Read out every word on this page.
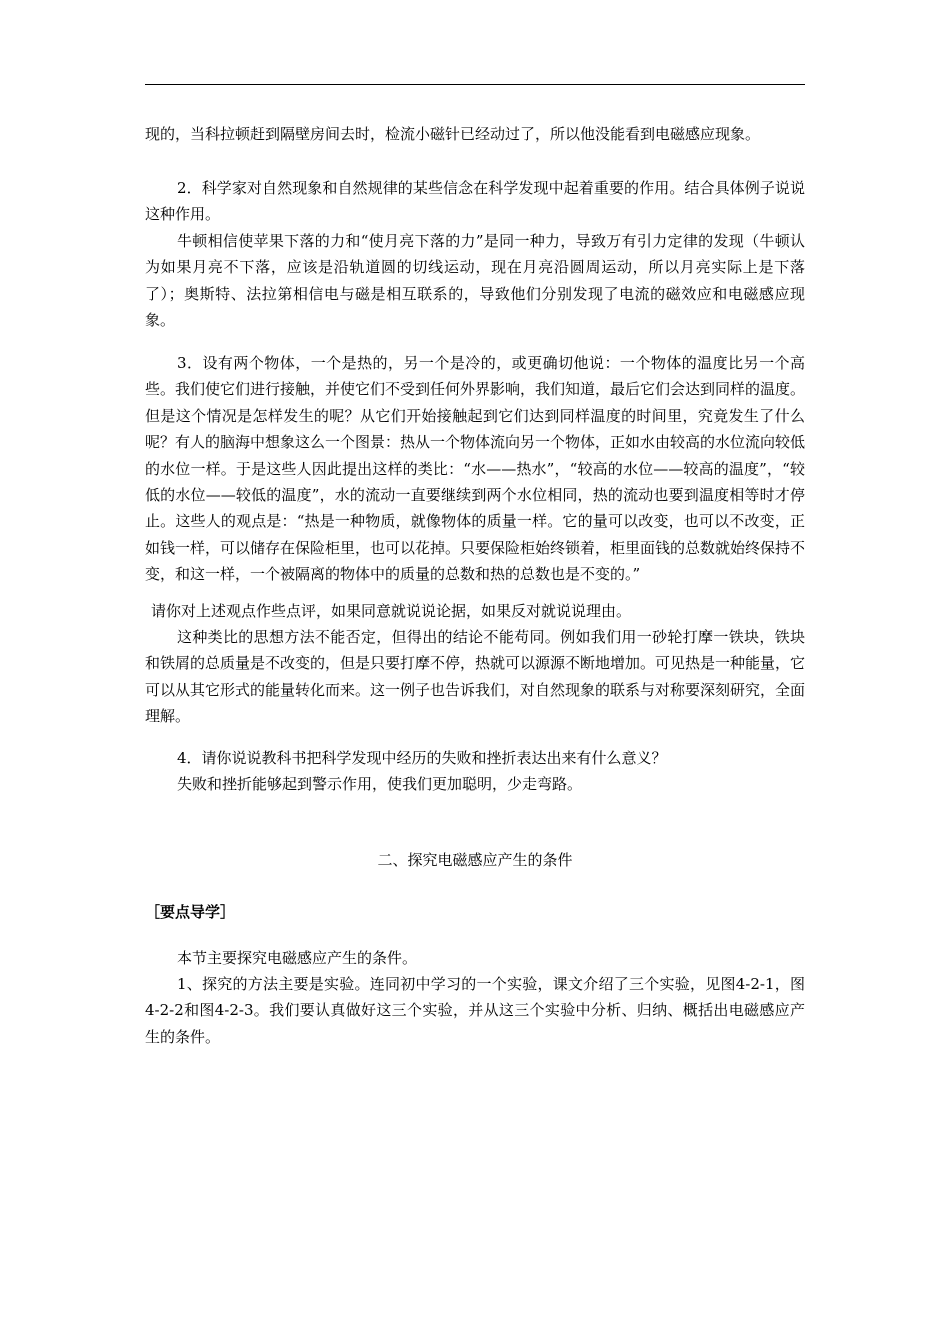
现的，当科拉顿赶到隔壁房间去时，检流小磁针已经动过了，所以他没能看到电磁感应现象。

2．科学家对自然现象和自然规律的某些信念在科学发现中起着重要的作用。结合具体例子说说这种作用。

牛顿相信使苹果下落的力和“使月亮下落的力”是同一种力，导致万有引力定律的发现（牛顿认为如果月亮不下落，应该是沿轨道圆的切线运动，现在月亮沿圆周运动，所以月亮实际上是下落了）；奥斯特、法拉第相信电与磁是相互联系的，导致他们分别发现了电流的磁效应和电磁感应现象。

3．设有两个物体，一个是热的，另一个是冷的，或更确切他说：一个物体的温度比另一个高些。我们使它们进行接触，并使它们不受到任何外界影响，我们知道，最后它们会达到同样的温度。但是这个情况是怎样发生的呢？从它们开始接触起到它们达到同样温度的时间里，究竟发生了什么呢？有人的脑海中想象这么一个图景：热从一个物体流向另一个物体，正如水由较高的水位流向较低的水位一样。于是这些人因此提出这样的类比：“水——热水”，“较高的水位——较高的温度”，“较低的水位——较低的温度”，水的流动一直要继续到两个水位相同，热的流动也要到温度相等时才停止。这些人的观点是：“热是一种物质，就像物体的质量一样。它的量可以改变，也可以不改变，正如钱一样，可以储存在保险柜里，也可以花掉。只要保险柜始终锁着，柜里面钱的总数就始终保持不变，和这一样，一个被隔离的物体中的质量的总数和热的总数也是不变的。”

请你对上述观点作些点评，如果同意就说说论据，如果反对就说说理由。

这种类比的思想方法不能否定，但得出的结论不能苟同。例如我们用一砂轮打摩一铁块，铁块和铁屑的总质量是不改变的，但是只要打摩不停，热就可以源源不断地增加。可见热是一种能量，它可以从其它形式的能量转化而来。这一例子也告诉我们，对自然现象的联系与对称要深刻研究，全面理解。

4．请你说说教科书把科学发现中经历的失败和挫折表达出来有什么意义？

失败和挫折能够起到警示作用，使我们更加聪明，少走弯路。

二、探究电磁感应产生的条件

［要点导学］

本节主要探究电磁感应产生的条件。

1、探究的方法主要是实验。连同初中学习的一个实验，课文介绍了三个实验，见图4-2-1，图4-2-2和图4-2-3。我们要认真做好这三个实验，并从这三个实验中分析、归纳、概括出电磁感应产生的条件。
